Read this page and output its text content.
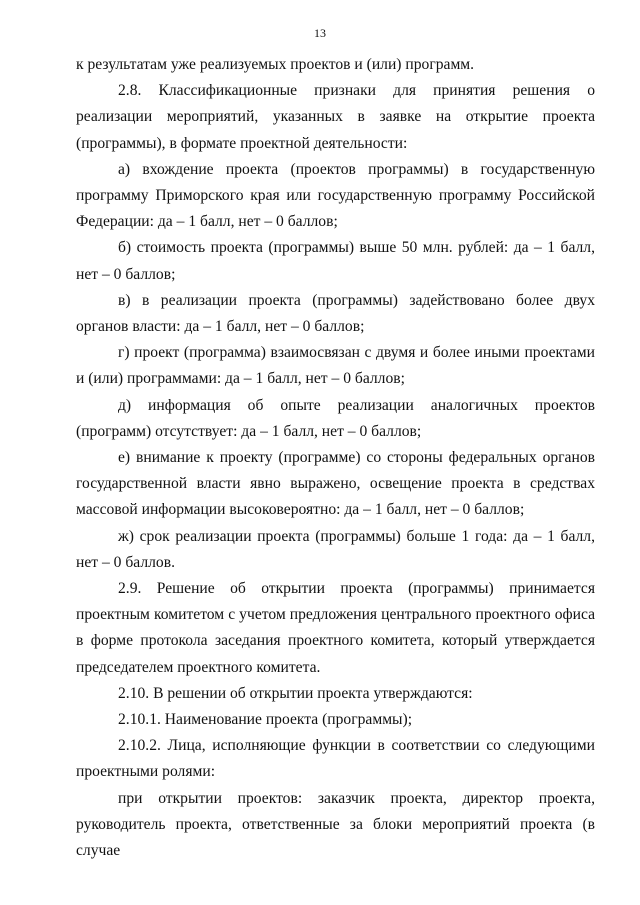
13

к результатам уже реализуемых проектов и (или) программ.

2.8. Классификационные признаки для принятия решения о реализации мероприятий, указанных в заявке на открытие проекта (программы), в формате проектной деятельности:

а) вхождение проекта (проектов программы) в государственную программу Приморского края или государственную программу Российской Федерации: да – 1 балл, нет – 0 баллов;

б) стоимость проекта (программы) выше 50 млн. рублей: да – 1 балл, нет – 0 баллов;

в) в реализации проекта (программы) задействовано более двух органов власти: да – 1 балл, нет – 0 баллов;

г) проект (программа) взаимосвязан с двумя и более иными проектами и (или) программами: да – 1 балл, нет – 0 баллов;

д) информация об опыте реализации аналогичных проектов (программ) отсутствует: да – 1 балл, нет – 0 баллов;

е) внимание к проекту (программе) со стороны федеральных органов государственной власти явно выражено, освещение проекта в средствах массовой информации высоковероятно: да – 1 балл, нет – 0 баллов;

ж) срок реализации проекта (программы) больше 1 года: да – 1 балл, нет – 0 баллов.

2.9. Решение об открытии проекта (программы) принимается проектным комитетом с учетом предложения центрального проектного офиса в форме протокола заседания проектного комитета, который утверждается председателем проектного комитета.

2.10. В решении об открытии проекта утверждаются:

2.10.1. Наименование проекта (программы);

2.10.2. Лица, исполняющие функции в соответствии со следующими проектными ролями:

при открытии проектов: заказчик проекта, директор проекта, руководитель проекта, ответственные за блоки мероприятий проекта (в случае
